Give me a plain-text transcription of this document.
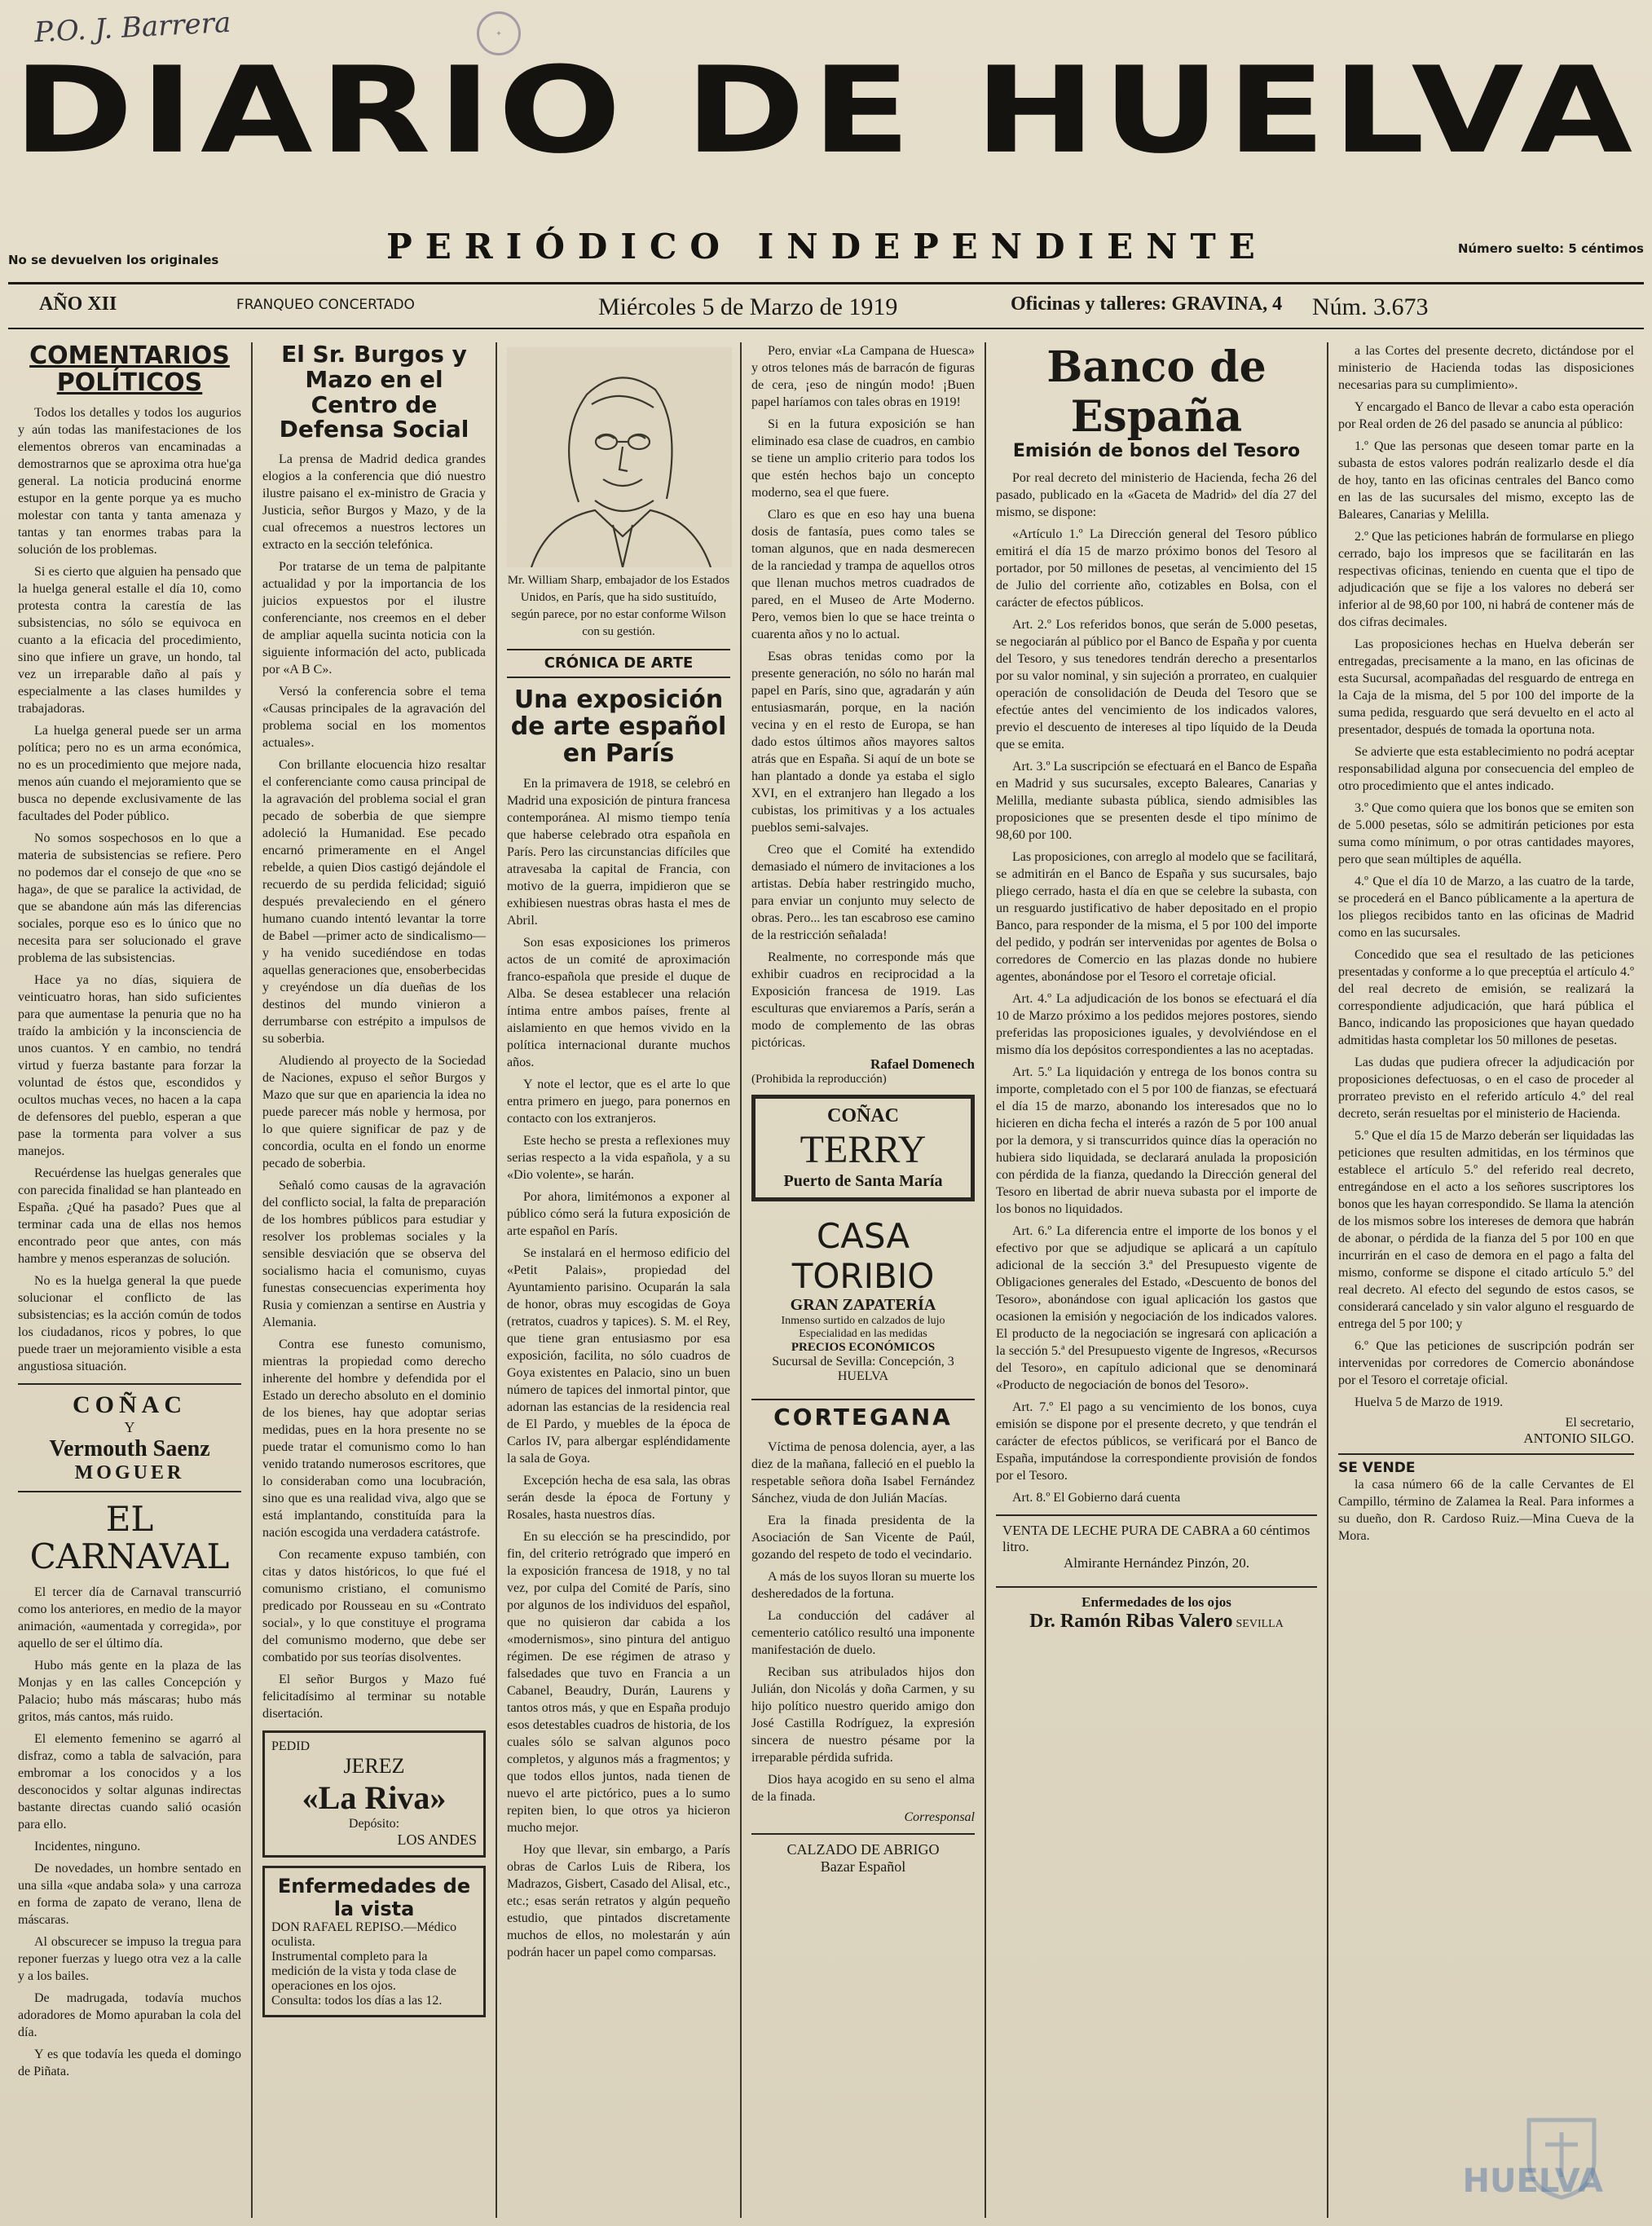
P.O. J. Barrera	✦
DIARIO DE HUELVA
No se devuelven los originales	PERIÓDICO INDEPENDIENTE	Número suelto: 5 céntimos
AÑO XII	FRANQUEO CONCERTADO	Miércoles 5 de Marzo de 1919	Oficinas y talleres: GRAVINA, 4 Núm. 3.673
COMENTARIOS POLÍTICOS

Todos los detalles y todos los augurios y aún todas las manifestaciones de los elementos obreros van encaminadas a demostrarnos que se aproxima otra hue'ga general. La noticia produciná enorme estupor en la gente porque ya es mucho molestar con tanta y tanta amenaza y tantas y tan enormes trabas para la solución de los problemas.

Si es cierto que alguien ha pensado que la huelga general estalle el día 10, como protesta contra la carestía de las subsistencias, no sólo se equivoca en cuanto a la eficacia del procedimiento, sino que infiere un grave, un hondo, tal vez un irreparable daño al país y especialmente a las clases humildes y trabajadoras.

La huelga general puede ser un arma política; pero no es un arma económica, no es un procedimiento que mejore nada, menos aún cuando el mejoramiento que se busca no depende exclusivamente de las facultades del Poder público.

No somos sospechosos en lo que a materia de subsistencias se refiere. Pero no podemos dar el consejo de que «no se haga», de que se paralice la actividad, de que se abandone aún más las diferencias sociales, porque eso es lo único que no necesita para ser solucionado el grave problema de las subsistencias.

Hace ya no días, siquiera de veinticuatro horas, han sido suficientes para que aumentase la penuria que no ha traído la ambición y la inconsciencia de unos cuantos. Y en cambio, no tendrá virtud y fuerza bastante para forzar la voluntad de éstos que, escondidos y ocultos muchas veces, no hacen a la capa de defensores del pueblo, esperan a que pase la tormenta para volver a sus manejos.

Recuérdense las huelgas generales que con parecida finalidad se han planteado en España. ¿Qué ha pasado? Pues que al terminar cada una de ellas nos hemos encontrado peor que antes, con más hambre y menos esperanzas de solución.

No es la huelga general la que puede solucionar el conflicto de las subsistencias; es la acción común de todos los ciudadanos, ricos y pobres, lo que puede traer un mejoramiento visible a esta angustiosa situación.

COÑAC
Y
Vermouth Saenz
MOGUER
EL CARNAVAL

El tercer día de Carnaval transcurrió como los anteriores, en medio de la mayor animación, «aumentada y corregida», por aquello de ser el último día.

Hubo más gente en la plaza de las Monjas y en las calles Concepción y Palacio; hubo más máscaras; hubo más gritos, más cantos, más ruido.

El elemento femenino se agarró al disfraz, como a tabla de salvación, para embromar a los conocidos y a los desconocidos y soltar algunas indirectas bastante directas cuando salió ocasión para ello.

Incidentes, ninguno.

De novedades, un hombre sentado en una silla «que andaba sola» y una carroza en forma de zapato de verano, llena de máscaras.

Al obscurecer se impuso la tregua para reponer fuerzas y luego otra vez a la calle y a los bailes.

De madrugada, todavía muchos adoradores de Momo apuraban la cola del día.

Y es que todavía les queda el domingo de Piñata.

El Sr. Burgos y Mazo en el Centro de Defensa Social

La prensa de Madrid dedica grandes elogios a la conferencia que dió nuestro ilustre paisano el ex-ministro de Gracia y Justicia, señor Burgos y Mazo, y de la cual ofrecemos a nuestros lectores un extracto en la sección telefónica.

Por tratarse de un tema de palpitante actualidad y por la importancia de los juicios expuestos por el ilustre conferenciante, nos creemos en el deber de ampliar aquella sucinta noticia con la siguiente información del acto, publicada por «A B C».

Versó la conferencia sobre el tema «Causas principales de la agravación del problema social en los momentos actuales».

Con brillante elocuencia hizo resaltar el conferenciante como causa principal de la agravación del problema social el gran pecado de soberbia de que siempre adoleció la Humanidad. Ese pecado encarnó primeramente en el Angel rebelde, a quien Dios castigó dejándole el recuerdo de su perdida felicidad; siguió después prevaleciendo en el género humano cuando intentó levantar la torre de Babel —primer acto de sindicalismo— y ha venido sucediéndose en todas aquellas generaciones que, ensoberbecidas y creyéndose un día dueñas de los destinos del mundo vinieron a derrumbarse con estrépito a impulsos de su soberbia.

Aludiendo al proyecto de la Sociedad de Naciones, expuso el señor Burgos y Mazo que sur que en apariencia la idea no puede parecer más noble y hermosa, por lo que quiere significar de paz y de concordia, oculta en el fondo un enorme pecado de soberbia.

Señaló como causas de la agravación del conflicto social, la falta de preparación de los hombres públicos para estudiar y resolver los problemas sociales y la sensible desviación que se observa del socialismo hacia el comunismo, cuyas funestas consecuencias experimenta hoy Rusia y comienzan a sentirse en Austria y Alemania.

Contra ese funesto comunismo, mientras la propiedad como derecho inherente del hombre y defendida por el Estado un derecho absoluto en el dominio de los bienes, hay que adoptar serias medidas, pues en la hora presente no se puede tratar el comunismo como lo han venido tratando numerosos escritores, que lo consideraban como una locubración, sino que es una realidad viva, algo que se está implantando, constituída para la nación escogida una verdadera catástrofe.

Con recamente expuso también, con citas y datos históricos, lo que fué el comunismo cristiano, el comunismo predicado por Rousseau en su «Contrato social», y lo que constituye el programa del comunismo moderno, que debe ser combatido por sus teorías disolventes.

El señor Burgos y Mazo fué felicitadísimo al terminar su notable disertación.

PEDID
JEREZ
«La Riva»
Depósito:
LOS ANDES
Enfermedades de la vista
DON RAFAEL REPISO.—Médico oculista.
Instrumental completo para la medición de la vista y toda clase de operaciones en los ojos.
Consulta: todos los días a las 12.

Mr. William Sharp, embajador de los Estados Unidos, en París, que ha sido sustituído, según parece, por no estar conforme Wilson con su gestión.

CRÓNICA DE ARTE
Una exposición de arte español en París

En la primavera de 1918, se celebró en Madrid una exposición de pintura francesa contemporánea. Al mismo tiempo tenía que haberse celebrado otra española en París. Pero las circunstancias difíciles que atravesaba la capital de Francia, con motivo de la guerra, impidieron que se exhibiesen nuestras obras hasta el mes de Abril.

Son esas exposiciones los primeros actos de un comité de aproximación franco-española que preside el duque de Alba. Se desea establecer una relación íntima entre ambos países, frente al aislamiento en que hemos vivido en la política internacional durante muchos años.

Y note el lector, que es el arte lo que entra primero en juego, para ponernos en contacto con los extranjeros.

Este hecho se presta a reflexiones muy serias respecto a la vida española, y a su «Dio volente», se harán.

Por ahora, limitémonos a exponer al público cómo será la futura exposición de arte español en París.

Se instalará en el hermoso edificio del «Petit Palais», propiedad del Ayuntamiento parisino. Ocuparán la sala de honor, obras muy escogidas de Goya (retratos, cuadros y tapices). S. M. el Rey, que tiene gran entusiasmo por esa exposición, facilita, no sólo cuadros de Goya existentes en Palacio, sino un buen número de tapices del inmortal pintor, que adornan las estancias de la residencia real de El Pardo, y muebles de la época de Carlos IV, para albergar espléndidamente la sala de Goya.

Excepción hecha de esa sala, las obras serán desde la época de Fortuny y Rosales, hasta nuestros días.

En su elección se ha prescindido, por fin, del criterio retrógrado que imperó en la exposición francesa de 1918, y no tal vez, por culpa del Comité de París, sino por algunos de los individuos del español, que no quisieron dar cabida a los «modernismos», sino pintura del antiguo régimen. De ese régimen de atraso y falsedades que tuvo en Francia a un Cabanel, Beaudry, Durán, Laurens y tantos otros más, y que en España produjo esos detestables cuadros de historia, de los cuales sólo se salvan algunos poco completos, y algunos más a fragmentos; y que todos ellos juntos, nada tienen de nuevo el arte pictórico, pues a lo sumo repiten bien, lo que otros ya hicieron mucho mejor.

Hoy que llevar, sin embargo, a París obras de Carlos Luis de Ribera, los Madrazos, Gisbert, Casado del Alisal, etc., etc.; esas serán retratos y algún pequeño estudio, que pintados discretamente muchos de ellos, no molestarán y aún podrán hacer un papel como comparsas.

Pero, enviar «La Campana de Huesca» y otros telones más de barracón de figuras de cera, ¡eso de ningún modo! ¡Buen papel haríamos con tales obras en 1919!

Si en la futura exposición se han eliminado esa clase de cuadros, en cambio se tiene un amplio criterio para todos los que estén hechos bajo un concepto moderno, sea el que fuere.

Claro es que en eso hay una buena dosis de fantasía, pues como tales se toman algunos, que en nada desmerecen de la ranciedad y trampa de aquellos otros que llenan muchos metros cuadrados de pared, en el Museo de Arte Moderno. Pero, vemos bien lo que se hace treinta o cuarenta años y no lo actual.

Esas obras tenidas como por la presente generación, no sólo no harán mal papel en París, sino que, agradarán y aún entusiasmarán, porque, en la nación vecina y en el resto de Europa, se han dado estos últimos años mayores saltos atrás que en España. Si aquí de un bote se han plantado a donde ya estaba el siglo XVI, en el extranjero han llegado a los cubistas, los primitivas y a los actuales pueblos semi-salvajes.

Creo que el Comité ha extendido demasiado el número de invitaciones a los artistas. Debía haber restringido mucho, para enviar un conjunto muy selecto de obras. Pero... les tan escabroso ese camino de la restricción señalada!

Realmente, no corresponde más que exhibir cuadros en reciprocidad a la Exposición francesa de 1919. Las esculturas que enviaremos a París, serán a modo de complemento de las obras pictóricas.

Rafael Domenech
(Prohibida la reproducción)
COÑAC
TERRY
Puerto de Santa María
CASA TORIBIO
GRAN ZAPATERÍA
Inmenso surtido en calzados de lujo
Especialidad en las medidas
PRECIOS ECONÓMICOS
Sucursal de Sevilla: Concepción, 3
HUELVA
CORTEGANA

Víctima de penosa dolencia, ayer, a las diez de la mañana, falleció en el pueblo la respetable señora doña Isabel Fernández Sánchez, viuda de don Julián Macías.

Era la finada presidenta de la Asociación de San Vicente de Paúl, gozando del respeto de todo el vecindario.

A más de los suyos lloran su muerte los desheredados de la fortuna.

La conducción del cadáver al cementerio católico resultó una imponente manifestación de duelo.

Reciban sus atribulados hijos don Julián, don Nicolás y doña Carmen, y su hijo político nuestro querido amigo don José Castilla Rodríguez, la expresión sincera de nuestro pésame por la irreparable pérdida sufrida.

Dios haya acogido en su seno el alma de la finada.

Corresponsal
CALZADO DE ABRIGO
Bazar Español
Banco de España
Emisión de bonos del Tesoro

Por real decreto del ministerio de Hacienda, fecha 26 del pasado, publicado en la «Gaceta de Madrid» del día 27 del mismo, se dispone:

«Artículo 1.º La Dirección general del Tesoro público emitirá el día 15 de marzo próximo bonos del Tesoro al portador, por 50 millones de pesetas, al vencimiento del 15 de Julio del corriente año, cotizables en Bolsa, con el carácter de efectos públicos.

Art. 2.º Los referidos bonos, que serán de 5.000 pesetas, se negociarán al público por el Banco de España y por cuenta del Tesoro, y sus tenedores tendrán derecho a presentarlos por su valor nominal, y sin sujeción a prorrateo, en cualquier operación de consolidación de Deuda del Tesoro que se efectúe antes del vencimiento de los indicados valores, previo el descuento de intereses al tipo líquido de la Deuda que se emita.

Art. 3.º La suscripción se efectuará en el Banco de España en Madrid y sus sucursales, excepto Baleares, Canarias y Melilla, mediante subasta pública, siendo admisibles las proposiciones que se presenten desde el tipo mínimo de 98,60 por 100.

Las proposiciones, con arreglo al modelo que se facilitará, se admitirán en el Banco de España y sus sucursales, bajo pliego cerrado, hasta el día en que se celebre la subasta, con un resguardo justificativo de haber depositado en el propio Banco, para responder de la misma, el 5 por 100 del importe del pedido, y podrán ser intervenidas por agentes de Bolsa o corredores de Comercio en las plazas donde no hubiere agentes, abonándose por el Tesoro el corretaje oficial.

Art. 4.º La adjudicación de los bonos se efectuará el día 10 de Marzo próximo a los pedidos mejores postores, siendo preferidas las proposiciones iguales, y devolviéndose en el mismo día los depósitos correspondientes a las no aceptadas.

Art. 5.º La liquidación y entrega de los bonos contra su importe, completado con el 5 por 100 de fianzas, se efectuará el día 15 de marzo, abonando los interesados que no lo hicieren en dicha fecha el interés a razón de 5 por 100 anual por la demora, y si transcurridos quince días la operación no hubiera sido liquidada, se declarará anulada la proposición con pérdida de la fianza, quedando la Dirección general del Tesoro en libertad de abrir nueva subasta por el importe de los bonos no liquidados.

Art. 6.º La diferencia entre el importe de los bonos y el efectivo por que se adjudique se aplicará a un capítulo adicional de la sección 3.ª del Presupuesto vigente de Obligaciones generales del Estado, «Descuento de bonos del Tesoro», abonándose con igual aplicación los gastos que ocasionen la emisión y negociación de los indicados valores. El producto de la negociación se ingresará con aplicación a la sección 5.ª del Presupuesto vigente de Ingresos, «Recursos del Tesoro», en capítulo adicional que se denominará «Producto de negociación de bonos del Tesoro».

Art. 7.º El pago a su vencimiento de los bonos, cuya emisión se dispone por el presente decreto, y que tendrán el carácter de efectos públicos, se verificará por el Banco de España, imputándose la correspondiente provisión de fondos por el Tesoro.

Art. 8.º El Gobierno dará cuenta

VENTA DE LECHE PURA DE CABRA a 60 céntimos litro.
Almirante Hernández Pinzón, 20.
Enfermedades de los ojos
Dr. Ramón Ribas Valero SEVILLA

a las Cortes del presente decreto, dictándose por el ministerio de Hacienda todas las disposiciones necesarias para su cumplimiento».

Y encargado el Banco de llevar a cabo esta operación por Real orden de 26 del pasado se anuncia al público:

1.º Que las personas que deseen tomar parte en la subasta de estos valores podrán realizarlo desde el día de hoy, tanto en las oficinas centrales del Banco como en las de las sucursales del mismo, excepto las de Baleares, Canarias y Melilla.

2.º Que las peticiones habrán de formularse en pliego cerrado, bajo los impresos que se facilitarán en las respectivas oficinas, teniendo en cuenta que el tipo de adjudicación que se fije a los valores no deberá ser inferior al de 98,60 por 100, ni habrá de contener más de dos cifras decimales.

Las proposiciones hechas en Huelva deberán ser entregadas, precisamente a la mano, en las oficinas de esta Sucursal, acompañadas del resguardo de entrega en la Caja de la misma, del 5 por 100 del importe de la suma pedida, resguardo que será devuelto en el acto al presentador, después de tomada la oportuna nota.

Se advierte que esta establecimiento no podrá aceptar responsabilidad alguna por consecuencia del empleo de otro procedimiento que el antes indicado.

3.º Que como quiera que los bonos que se emiten son de 5.000 pesetas, sólo se admitirán peticiones por esta suma como mínimum, o por otras cantidades mayores, pero que sean múltiples de aquélla.

4.º Que el día 10 de Marzo, a las cuatro de la tarde, se procederá en el Banco públicamente a la apertura de los pliegos recibidos tanto en las oficinas de Madrid como en las sucursales.

Concedido que sea el resultado de las peticiones presentadas y conforme a lo que preceptúa el artículo 4.º del real decreto de emisión, se realizará la correspondiente adjudicación, que hará pública el Banco, indicando las proposiciones que hayan quedado admitidas hasta completar los 50 millones de pesetas.

Las dudas que pudiera ofrecer la adjudicación por proposiciones defectuosas, o en el caso de proceder al prorrateo previsto en el referido artículo 4.º del real decreto, serán resueltas por el ministerio de Hacienda.

5.º Que el día 15 de Marzo deberán ser liquidadas las peticiones que resulten admitidas, en los términos que establece el artículo 5.º del referido real decreto, entregándose en el acto a los señores suscriptores los bonos que les hayan correspondido. Se llama la atención de los mismos sobre los intereses de demora que habrán de abonar, o pérdida de la fianza del 5 por 100 en que incurrirán en el caso de demora en el pago a falta del mismo, conforme se dispone el citado artículo 5.º del real decreto. Al efecto del segundo de estos casos, se considerará cancelado y sin valor alguno el resguardo de entrega del 5 por 100; y

6.º Que las peticiones de suscripción podrán ser intervenidas por corredores de Comercio abonándose por el Tesoro el corretaje oficial.

Huelva 5 de Marzo de 1919.

El secretario,
ANTONIO SILGO.
SE VENDE

la casa número 66 de la calle Cervantes de El Campillo, término de Zalamea la Real. Para informes a su dueño, don R. Cardoso Ruiz.—Mina Cueva de la Mora.

HUELVA
